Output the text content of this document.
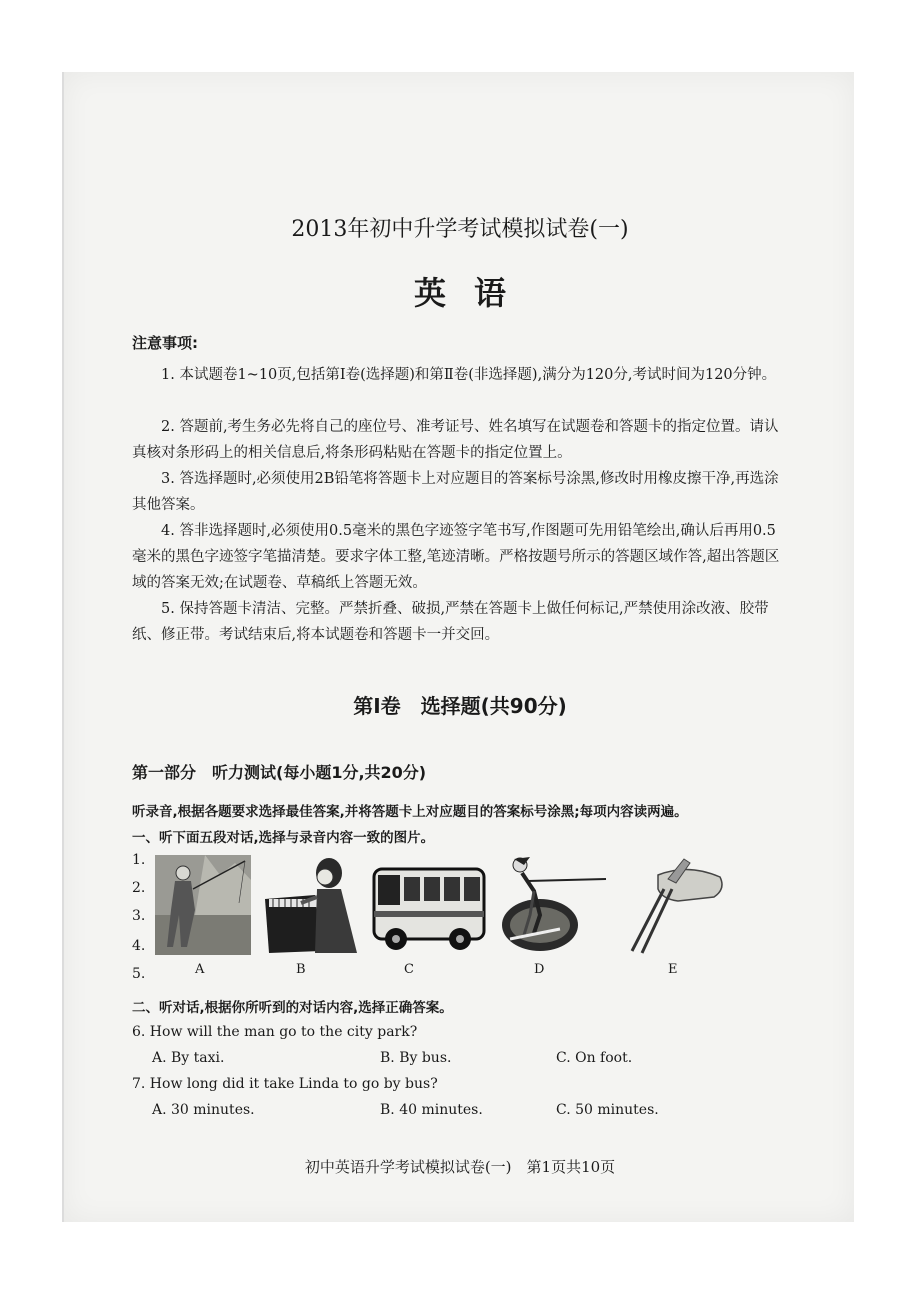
2013年初中升学考试模拟试卷(一)
英语
注意事项:
1. 本试题卷1~10页,包括第Ⅰ卷(选择题)和第Ⅱ卷(非选择题),满分为120分,考试时间为120分钟。
2. 答题前,考生务必先将自己的座位号、准考证号、姓名填写在试题卷和答题卡的指定位置。请认真核对条形码上的相关信息后,将条形码粘贴在答题卡的指定位置上。
3. 答选择题时,必须使用2B铅笔将答题卡上对应题目的答案标号涂黑,修改时用橡皮擦干净,再选涂其他答案。
4. 答非选择题时,必须使用0.5毫米的黑色字迹签字笔书写,作图题可先用铅笔绘出,确认后再用0.5毫米的黑色字迹签字笔描清楚。要求字体工整,笔迹清晰。严格按题号所示的答题区域作答,超出答题区域的答案无效;在试题卷、草稿纸上答题无效。
5. 保持答题卡清洁、完整。严禁折叠、破损,严禁在答题卡上做任何标记,严禁使用涂改液、胶带纸、修正带。考试结束后,将本试题卷和答题卡一并交回。
第Ⅰ卷　选择题(共90分)
第一部分　听力测试(每小题1分,共20分)
听录音,根据各题要求选择最佳答案,并将答题卡上对应题目的答案标号涂黑;每项内容读两遍。
一、听下面五段对话,选择与录音内容一致的图片。
1.
2.
3.
4.
5.	A	B	C	D	E
二、听对话,根据你所听到的对话内容,选择正确答案。
6. How will the man go to the city park?
A. By taxi.	B. By bus.	C. On foot.
7. How long did it take Linda to go by bus?
A. 30 minutes.	B. 40 minutes.	C. 50 minutes.
初中英语升学考试模拟试卷(一)　第1页共10页
